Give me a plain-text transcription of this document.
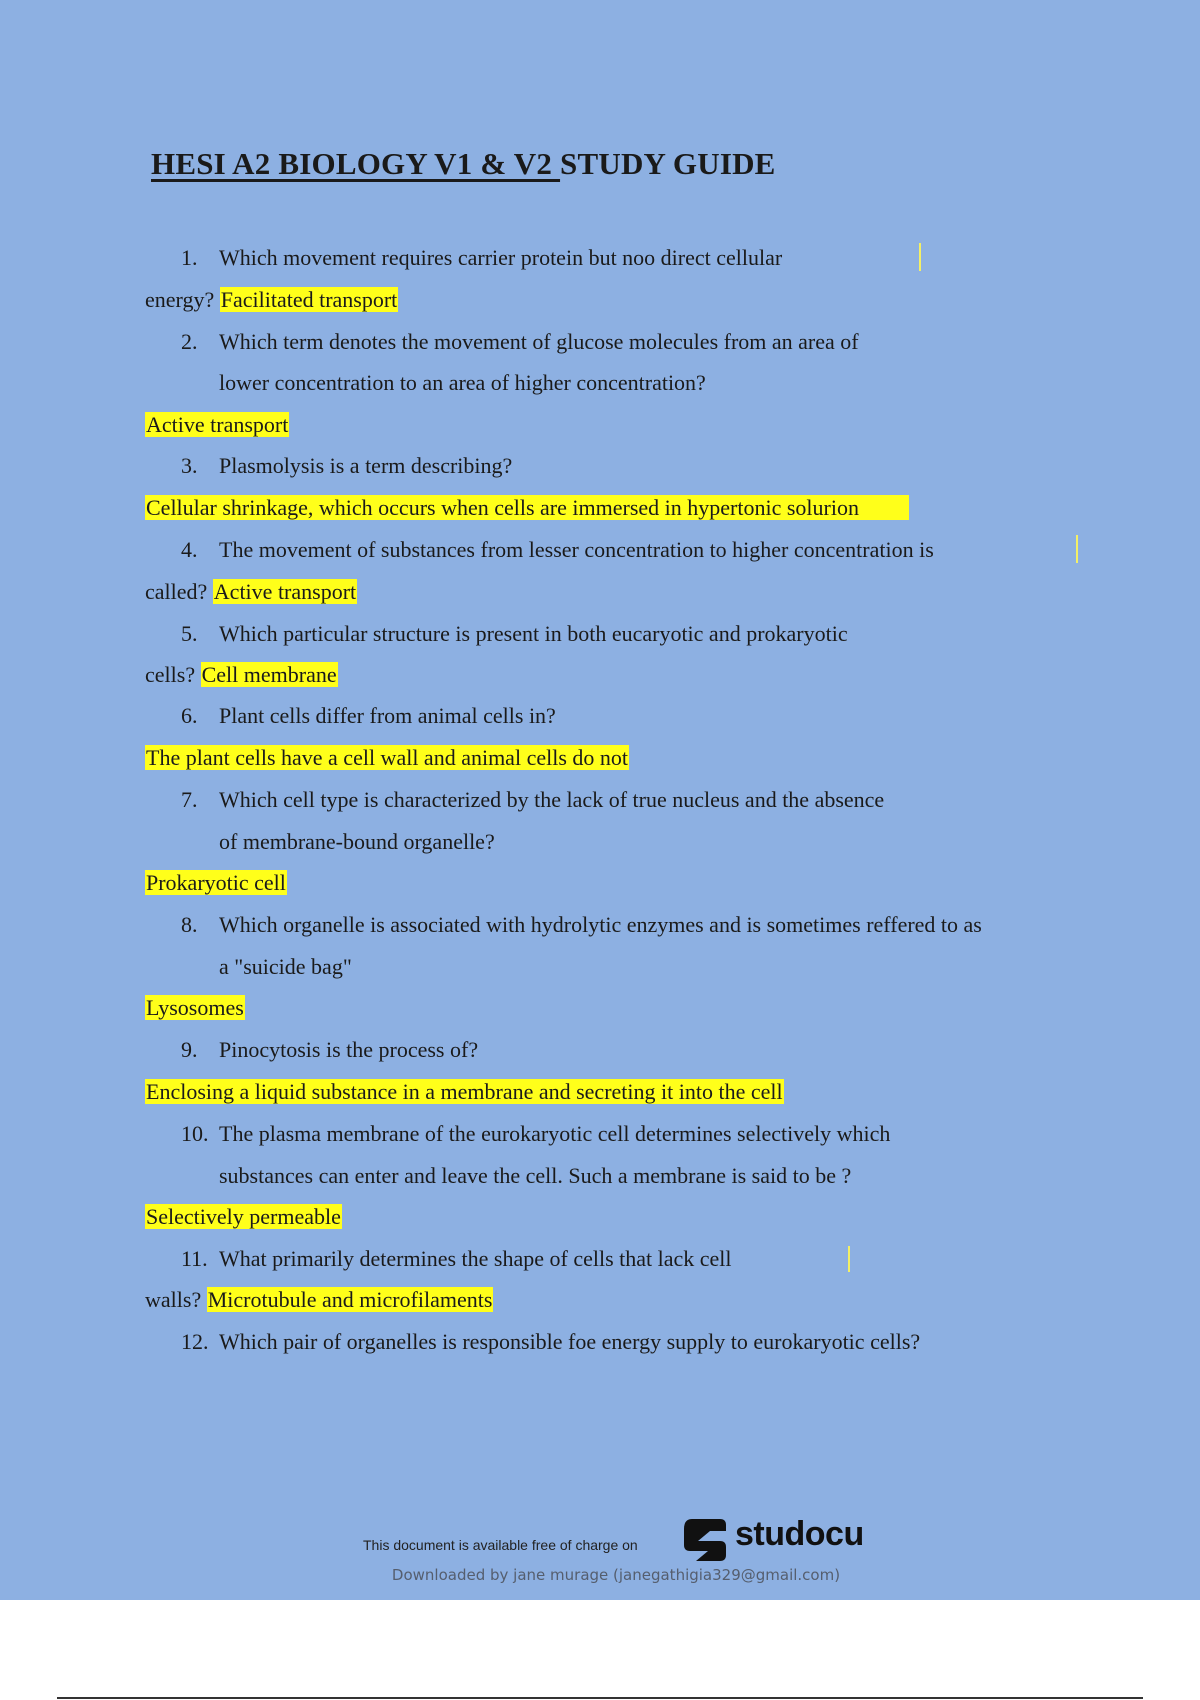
HESI A2 BIOLOGY V1 & V2 STUDY GUIDE
1. Which movement requires carrier protein but noo direct cellular
energy? Facilitated transport
2. Which term denotes the movement of glucose molecules from an area of
lower concentration to an area of higher concentration?
Active transport
3. Plasmolysis is a term describing?
Cellular shrinkage, which occurs when cells are immersed in hypertonic solurion
4. The movement of substances from lesser concentration to higher concentration is
called? Active transport
5. Which particular structure is present in both eucaryotic and prokaryotic
cells? Cell membrane
6. Plant cells differ from animal cells in?
The plant cells have a cell wall and animal cells do not
7. Which cell type is characterized by the lack of true nucleus and the absence
of membrane-bound organelle?
Prokaryotic cell
8. Which organelle is associated with hydrolytic enzymes and is sometimes reffered to as
a "suicide bag"
Lysosomes
9. Pinocytosis is the process of?
Enclosing a liquid substance in a membrane and secreting it into the cell
10. The plasma membrane of the eurokaryotic cell determines selectively which
substances can enter and leave the cell. Such a membrane is said to be ?
Selectively permeable
11. What primarily determines the shape of cells that lack cell
walls? Microtubule and microfilaments
12. Which pair of organelles is responsible foe energy supply to eurokaryotic cells?
This document is available free of charge on	studocu
Downloaded by jane murage (janegathigia329@gmail.com)
